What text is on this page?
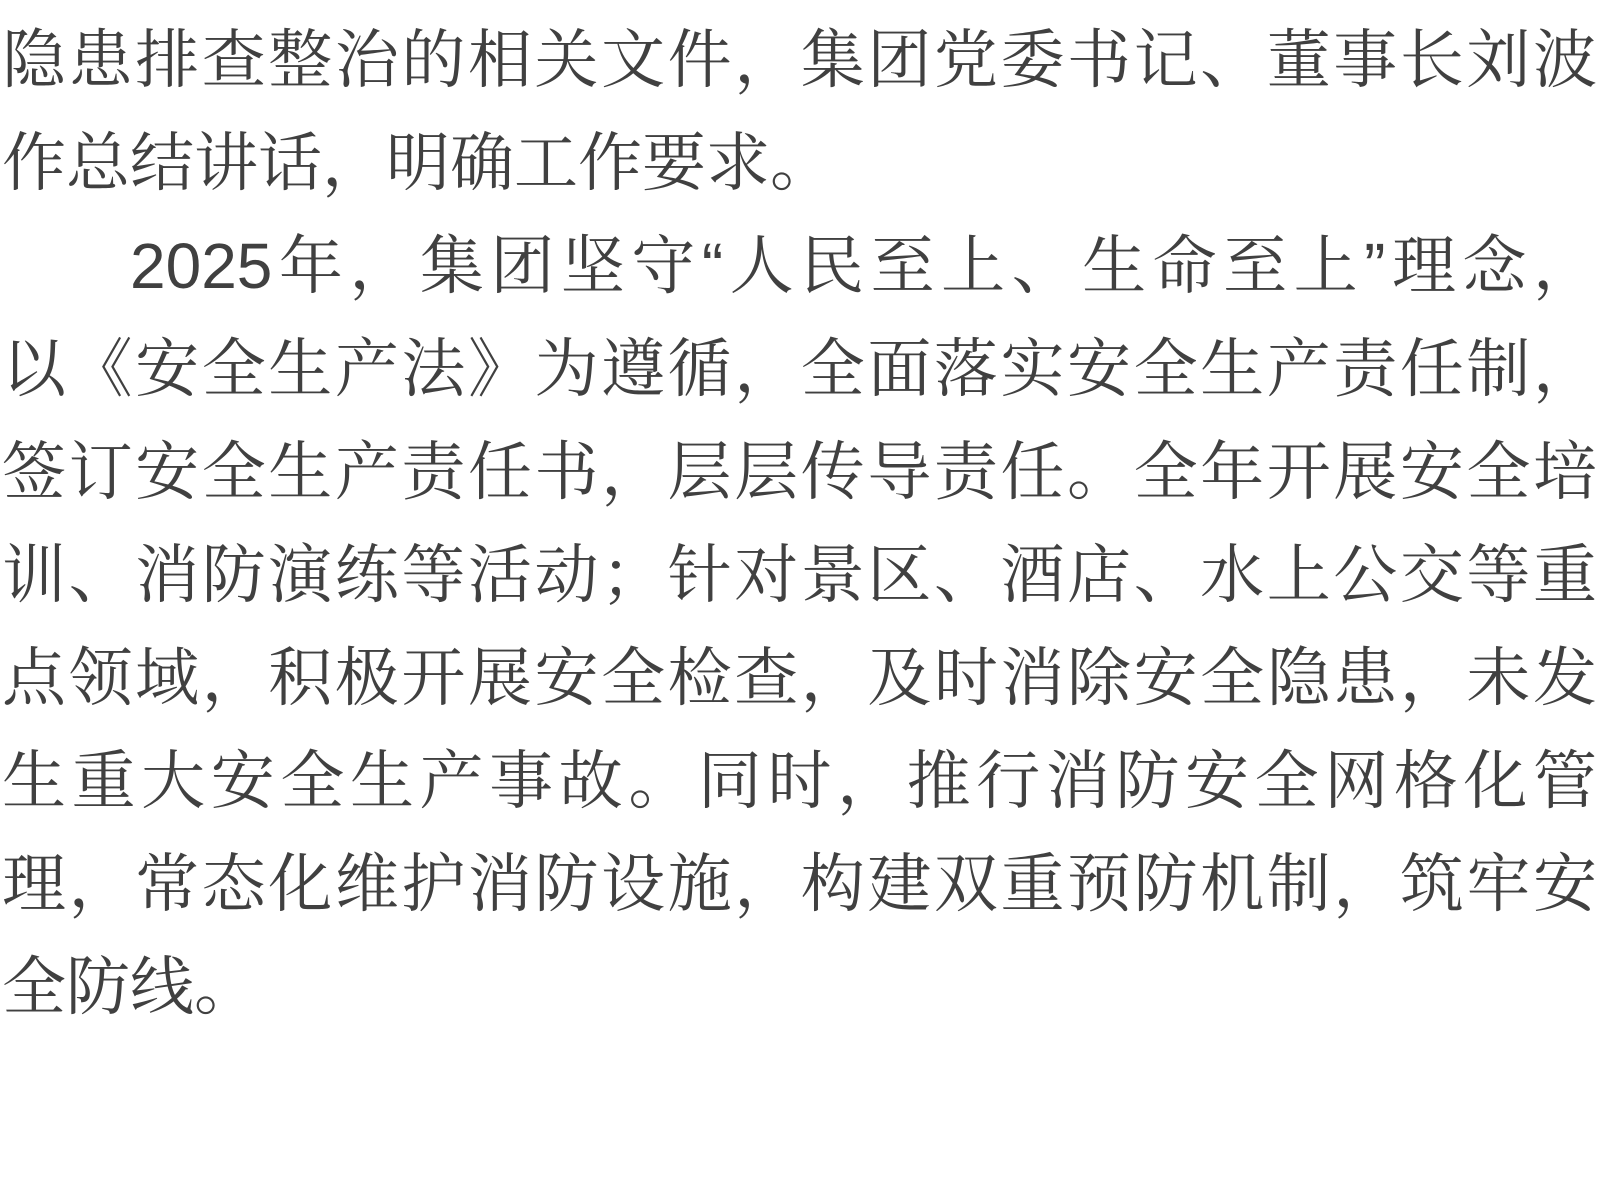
隐患排查整治的相关文件，集团党委书记、董事长刘波
作总结讲话，明确工作要求。
2025年，集团坚守“人民至上、生命至上”理念，
以《安全生产法》为遵循，全面落实安全生产责任制，
签订安全生产责任书，层层传导责任。全年开展安全培
训、消防演练等活动；针对景区、酒店、水上公交等重
点领域，积极开展安全检查，及时消除安全隐患，未发
生重大安全生产事故。同时，推行消防安全网格化管
理，常态化维护消防设施，构建双重预防机制，筑牢安
全防线。
